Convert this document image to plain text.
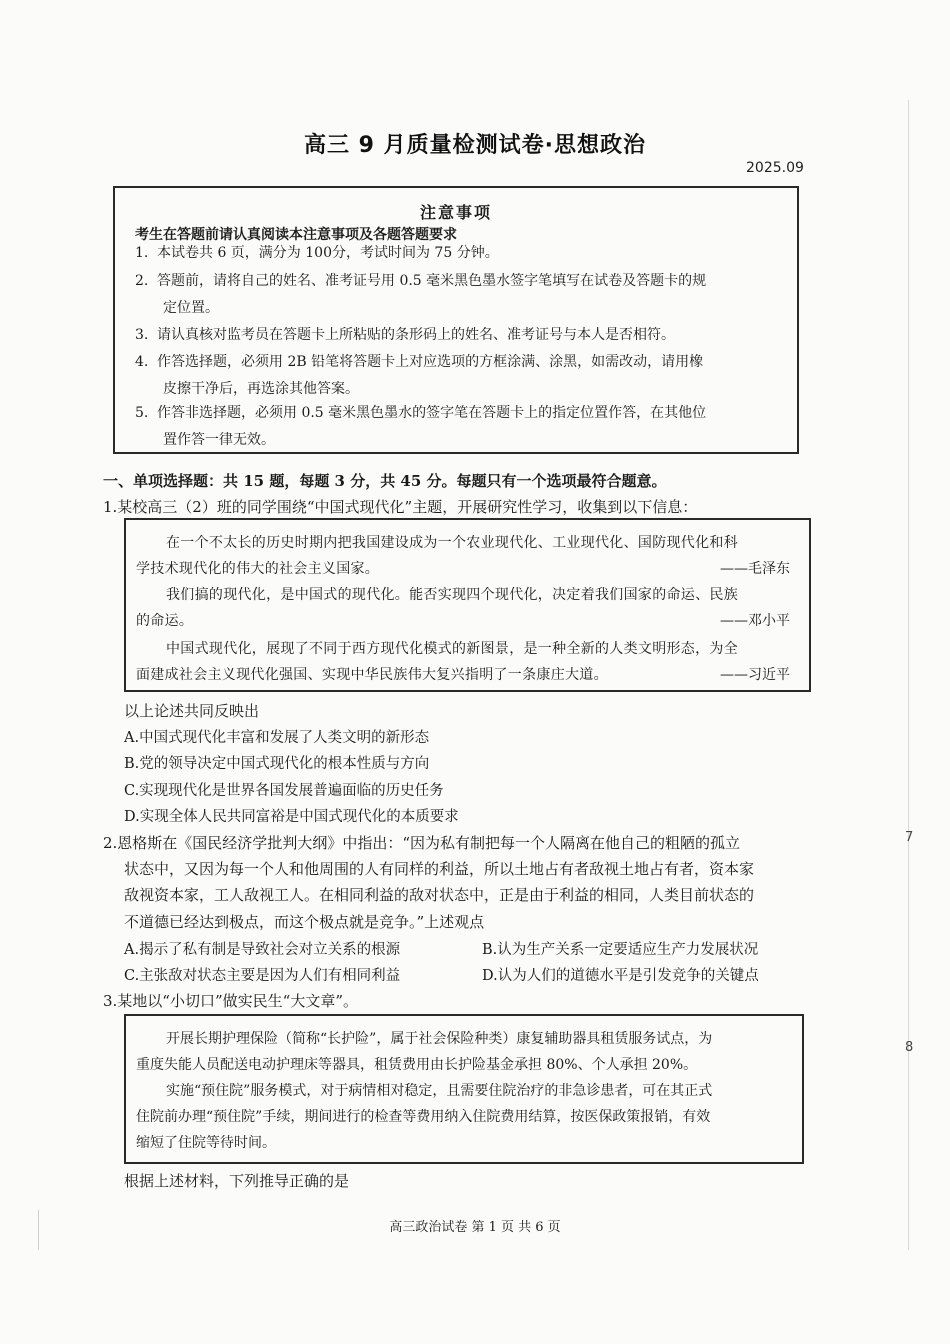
高三 9 月质量检测试卷·思想政治
2025.09
注意事项
考生在答题前请认真阅读本注意事项及各题答题要求
1. 本试卷共 6 页，满分为 100分，考试时间为 75 分钟。
2. 答题前，请将自己的姓名、准考证号用 0.5 毫米黑色墨水签字笔填写在试卷及答题卡的规
定位置。
3. 请认真核对监考员在答题卡上所粘贴的条形码上的姓名、准考证号与本人是否相符。
4. 作答选择题，必须用 2B 铅笔将答题卡上对应选项的方框涂满、涂黑，如需改动，请用橡
皮擦干净后，再选涂其他答案。
5. 作答非选择题，必须用 0.5 毫米黑色墨水的签字笔在答题卡上的指定位置作答，在其他位
置作答一律无效。
一、单项选择题：共 15 题，每题 3 分，共 45 分。每题只有一个选项最符合题意。
1.某校高三（2）班的同学围绕“中国式现代化”主题，开展研究性学习，收集到以下信息：
在一个不太长的历史时期内把我国建设成为一个农业现代化、工业现代化、国防现代化和科
学技术现代化的伟大的社会主义国家。	——毛泽东
我们搞的现代化，是中国式的现代化。能否实现四个现代化，决定着我们国家的命运、民族
的命运。	——邓小平
中国式现代化，展现了不同于西方现代化模式的新图景，是一种全新的人类文明形态，为全
面建成社会主义现代化强国、实现中华民族伟大复兴指明了一条康庄大道。	——习近平
以上论述共同反映出
A.中国式现代化丰富和发展了人类文明的新形态
B.党的领导决定中国式现代化的根本性质与方向
C.实现现代化是世界各国发展普遍面临的历史任务
D.实现全体人民共同富裕是中国式现代化的本质要求
2.恩格斯在《国民经济学批判大纲》中指出：“因为私有制把每一个人隔离在他自己的粗陋的孤立
状态中，又因为每一个人和他周围的人有同样的利益，所以土地占有者敌视土地占有者，资本家
敌视资本家，工人敌视工人。在相同利益的敌对状态中，正是由于利益的相同，人类目前状态的
不道德已经达到极点，而这个极点就是竞争。”上述观点
A.揭示了私有制是导致社会对立关系的根源	B.认为生产关系一定要适应生产力发展状况
C.主张敌对状态主要是因为人们有相同利益	D.认为人们的道德水平是引发竞争的关键点
3.某地以“小切口”做实民生“大文章”。
开展长期护理保险（简称“长护险”，属于社会保险种类）康复辅助器具租赁服务试点，为
重度失能人员配送电动护理床等器具，租赁费用由长护险基金承担 80%、个人承担 20%。
实施“预住院”服务模式，对于病情相对稳定，且需要住院治疗的非急诊患者，可在其正式
住院前办理“预住院”手续，期间进行的检查等费用纳入住院费用结算，按医保政策报销，有效
缩短了住院等待时间。
根据上述材料，下列推导正确的是
7
8
高三政治试卷 第 1 页 共 6 页
